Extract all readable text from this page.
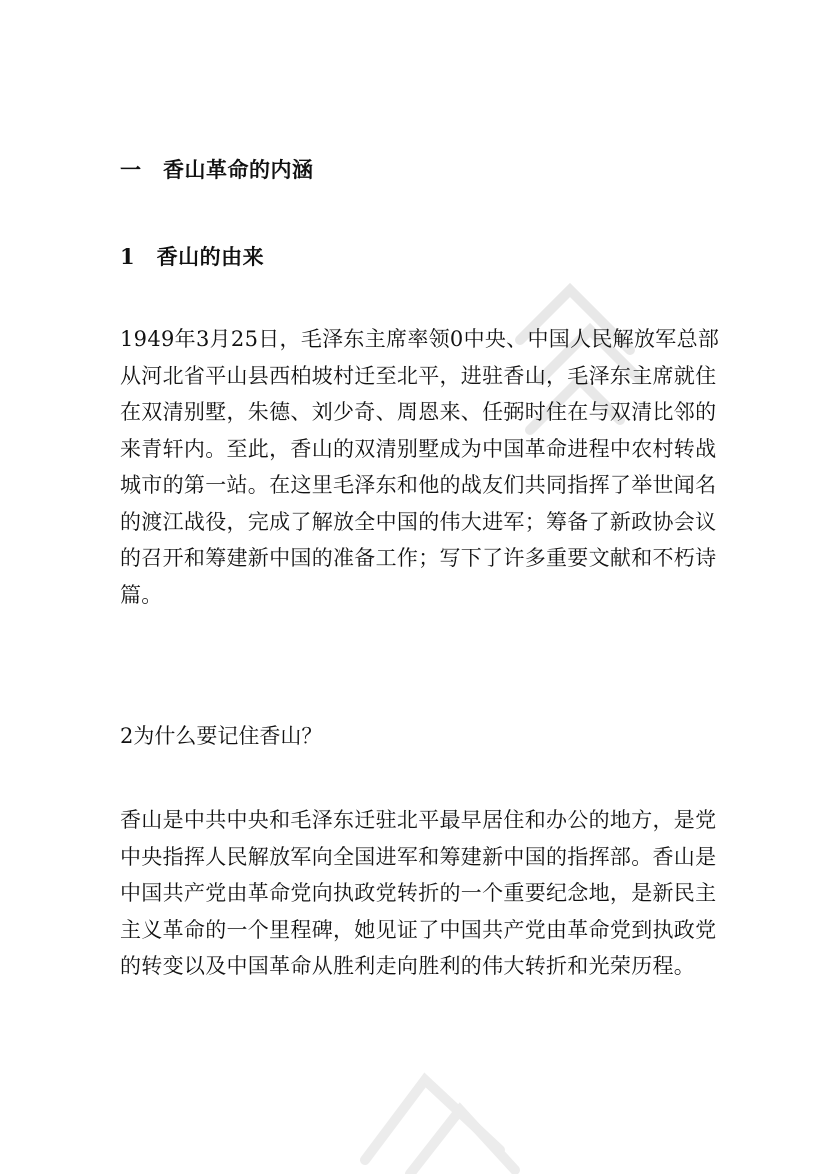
一　香山革命的内涵
1　香山的由来

1949年3月25日，毛泽东主席率领0中央、中国人民解放军总部从河北省平山县西柏坡村迁至北平，进驻香山，毛泽东主席就住在双清别墅，朱德、刘少奇、周恩来、任弼时住在与双清比邻的来青轩内。至此，香山的双清别墅成为中国革命进程中农村转战城市的第一站。在这里毛泽东和他的战友们共同指挥了举世闻名的渡江战役，完成了解放全中国的伟大进军；筹备了新政协会议的召开和筹建新中国的准备工作；写下了许多重要文献和不朽诗篇。

2为什么要记住香山？

香山是中共中央和毛泽东迁驻北平最早居住和办公的地方，是党中央指挥人民解放军向全国进军和筹建新中国的指挥部。香山是中国共产党由革命党向执政党转折的一个重要纪念地，是新民主主义革命的一个里程碑，她见证了中国共产党由革命党到执政党的转变以及中国革命从胜利走向胜利的伟大转折和光荣历程。
